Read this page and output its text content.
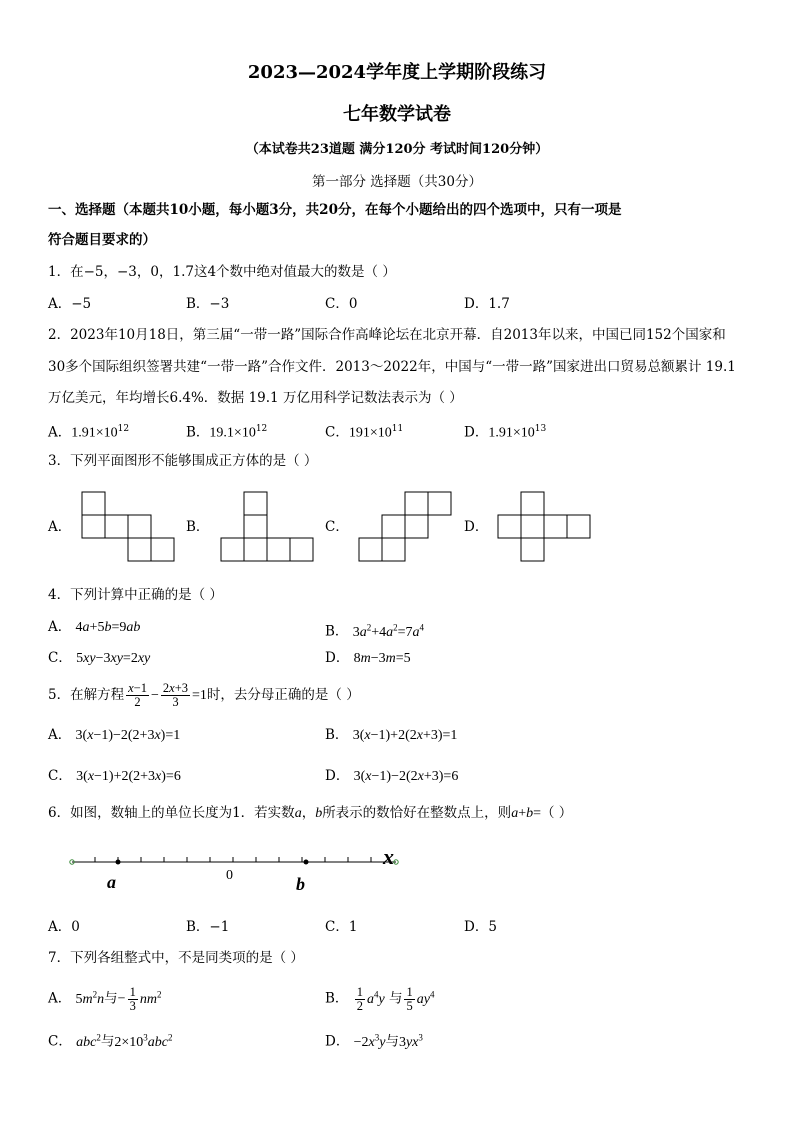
2023—2024学年度上学期阶段练习
七年数学试卷
（本试卷共23道题 满分120分 考试时间120分钟）
第一部分 选择题（共30分）
一、选择题（本题共10小题，每小题3分，共20分，在每个小题给出的四个选项中，只有一项是
符合题目要求的）
1．在−5，−3，0，1.7这4个数中绝对值最大的数是（ ）
A．−5	B．−3	C．0	D．1.7
2．2023年10月18日，第三届“一带一路”国际合作高峰论坛在北京开幕．自2013年以来，中国已同152个国家和
30多个国际组织签署共建“一带一路”合作文件．2013～2022年，中国与“一带一路”国家进出口贸易总额累计 19.1
万亿美元，年均增长6.4%．数据 19.1 万亿用科学记数法表示为（ ）
A．$1.91\times 10^{12}$	B．$19.1\times 10^{12}$	C．$191\times 10^{11}$	D．$1.91\times 10^{13}$
3．下列平面图形不能够围成正方体的是（ ）
A．	B．	C．	D．
x
0
a	b
4．下列计算中正确的是（ ）
A． 4a+5b=9ab	B． $3a^2+4a^2=7a^4$
C． 5xy−3xy=2xy	D． 8m−3m=5
5．在解方程 $\frac{x-1}{2} - \frac{2x+3}{3} =1$时，去分母正确的是（ ）
A． 3(x−1)−2(2+3x)=1	B． 3(x−1)+2(2x+3)=1
C． 3(x−1)+2(2+3x)=6	D． 3(x−1)−2(2x+3)=6
6．如图，数轴上的单位长度为1．若实数a，b所表示的数恰好在整数点上，则a+b=（ ）
A．0	B．−1	C．1	D．5
7．下列各组整式中，不是同类项的是（ ）
A． $5m^2n$与− $\frac{1}{3} nm^2$	B． $\frac{1}{2} a^4y$ 与 $\frac{1}{5} ay^4$
C． abc$^2$与$2\times 10^3abc^2$	D． $-2x^3y$与$3yx^3$
